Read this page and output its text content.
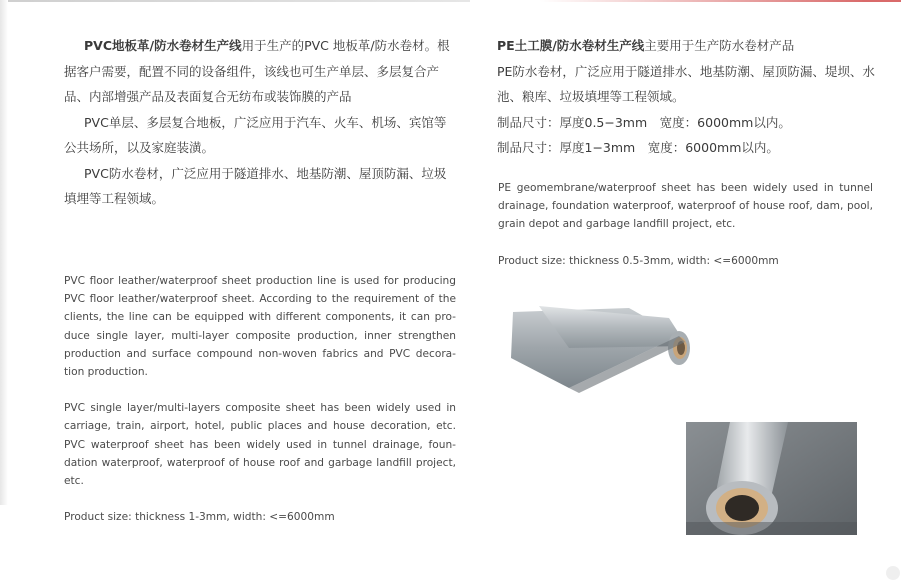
PVC地板革/防水卷材生产线用于生产的PVC 地板革/防水卷材。根据客户需要，配置不同的设备组件，该线也可生产单层、多层复合产品、内部增强产品及表面复合无纺布或装饰膜的产品

PVC单层、多层复合地板，广泛应用于汽车、火车、机场、宾馆等公共场所，以及家庭装潢。

PVC防水卷材，广泛应用于隧道排水、地基防潮、屋顶防漏、垃圾填埋等工程领域。

PVC floor leather/waterproof sheet production line is used for producing PVC floor leather/waterproof sheet. According to the requirement of the clients, the line can be equipped with different components, it can pro-duce single layer, multi-layer composite production, inner strengthen production and surface compound non-woven fabrics and PVC decora-tion production.

PVC single layer/multi-layers composite sheet has been widely used in carriage, train, airport, hotel, public places and house decoration, etc. PVC waterproof sheet has been widely used in tunnel drainage, foun-dation waterproof, waterproof of house roof and garbage landfill project, etc.

Product size: thickness 1-3mm, width: <=6000mm

PE土工膜/防水卷材生产线主要用于生产防水卷材产品

PE防水卷材，广泛应用于隧道排水、地基防潮、屋顶防漏、堤坝、水池、粮库、垃圾填埋等工程领域。

制品尺寸：厚度0.5−3mm　宽度：6000mm以内。

制品尺寸：厚度1−3mm　宽度：6000mm以内。

PE geomembrane/waterproof sheet has been widely used in tunnel drainage, foundation waterproof, waterproof of house roof, dam, pool, grain depot and garbage landfill project, etc.

Product size: thickness 0.5-3mm, width: <=6000mm
